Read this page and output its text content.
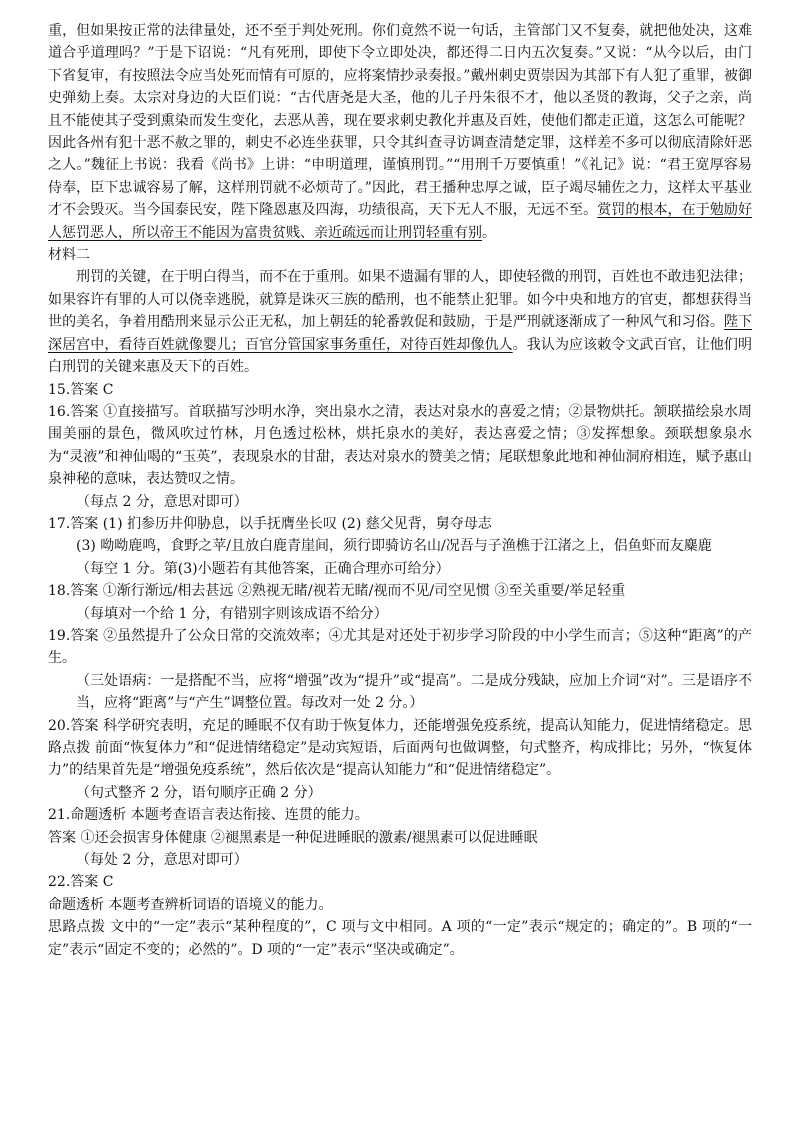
重，但如果按正常的法律量处，还不至于判处死刑。你们竟然不说一句话，主管部门又不复奏，就把他处决，这难道合乎道理吗？”于是下诏说：“凡有死刑，即使下令立即处决，都还得二日内五次复奏。”又说：“从今以后，由门下省复审，有按照法令应当处死而情有可原的，应将案情抄录奏报。”戴州刺史贾崇因为其部下有人犯了重罪，被御史弹劾上奏。太宗对身边的大臣们说：“古代唐尧是大圣，他的儿子丹朱很不才，他以圣贤的教诲，父子之亲，尚且不能使其子受到熏染而发生变化，去恶从善，现在要求刺史教化并惠及百姓，使他们都走正道，这怎么可能呢？因此各州有犯十恶不赦之罪的，刺史不必连坐获罪，只令其纠查寻访调查清楚定罪，这样差不多可以彻底清除奸恶之人。”魏征上书说：我看《尚书》上讲：“申明道理，谨慎刑罚。”“用刑千万要慎重！”《礼记》说：“君王宽厚容易侍奉，臣下忠诚容易了解，这样刑罚就不必烦苛了。”因此，君王播种忠厚之诚，臣子竭尽辅佐之力，这样太平基业才不会毁灭。当今国泰民安，陛下隆恩惠及四海，功绩很高，天下无人不服，无远不至。赏罚的根本，在于勉励好人惩罚恶人，所以帝王不能因为富贵贫贱、亲近疏远而让刑罚轻重有别。

材料二

刑罚的关键，在于明白得当，而不在于重刑。如果不遗漏有罪的人，即使轻微的刑罚，百姓也不敢违犯法律；如果容许有罪的人可以侥幸逃脱，就算是诛灭三族的酷刑，也不能禁止犯罪。如今中央和地方的官吏，都想获得当世的美名，争着用酷刑来显示公正无私，加上朝廷的轮番敦促和鼓励，于是严刑就逐渐成了一种风气和习俗。陛下深居宫中，看待百姓就像婴儿；百官分管国家事务重任，对待百姓却像仇人。我认为应该敕令文武百官，让他们明白刑罚的关键来惠及天下的百姓。

15.答案 C

16.答案 ①直接描写。首联描写沙明水净，突出泉水之清，表达对泉水的喜爱之情；②景物烘托。颔联描绘泉水周围美丽的景色，微风吹过竹林，月色透过松林，烘托泉水的美好，表达喜爱之情；③发挥想象。颈联想象泉水为“灵液”和神仙喝的“玉英”，表现泉水的甘甜，表达对泉水的赞美之情；尾联想象此地和神仙洞府相连，赋予惠山泉神秘的意味，表达赞叹之情。

（每点 2 分，意思对即可）

17.答案 (1) 扪参历井仰胁息，以手抚膺坐长叹 (2) 慈父见背，舅夺母志

(3) 呦呦鹿鸣，食野之苹/且放白鹿青崖间，须行即骑访名山/况吾与子渔樵于江渚之上，侣鱼虾而友麋鹿

（每空 1 分。第(3)小题若有其他答案，正确合理亦可给分）

18.答案 ①渐行渐远/相去甚远 ②熟视无睹/视若无睹/视而不见/司空见惯 ③至关重要/举足轻重

（每填对一个给 1 分，有错别字则该成语不给分）

19.答案 ②虽然提升了公众日常的交流效率；④尤其是对还处于初步学习阶段的中小学生而言；⑤这种“距离”的产生。

（三处语病：一是搭配不当，应将“增强”改为“提升”或“提高”。二是成分残缺，应加上介词“对”。三是语序不当，应将“距离”与“产生”调整位置。每改对一处 2 分。）

20.答案 科学研究表明，充足的睡眠不仅有助于恢复体力，还能增强免疫系统，提高认知能力，促进情绪稳定。思路点拨 前面“恢复体力”和“促进情绪稳定”是动宾短语，后面两句也做调整，句式整齐，构成排比；另外，“恢复体力”的结果首先是“增强免疫系统”，然后依次是“提高认知能力”和“促进情绪稳定”。

（句式整齐 2 分，语句顺序正确 2 分）

21.命题透析 本题考查语言表达衔接、连贯的能力。

答案 ①还会损害身体健康 ②褪黑素是一种促进睡眠的激素/褪黑素可以促进睡眠

（每处 2 分，意思对即可）

22.答案 C

命题透析 本题考查辨析词语的语境义的能力。

思路点拨 文中的“一定”表示“某种程度的”，C 项与文中相同。A 项的“一定”表示“规定的；确定的”。B 项的“一定”表示“固定不变的；必然的”。D 项的“一定”表示“坚决或确定”。
